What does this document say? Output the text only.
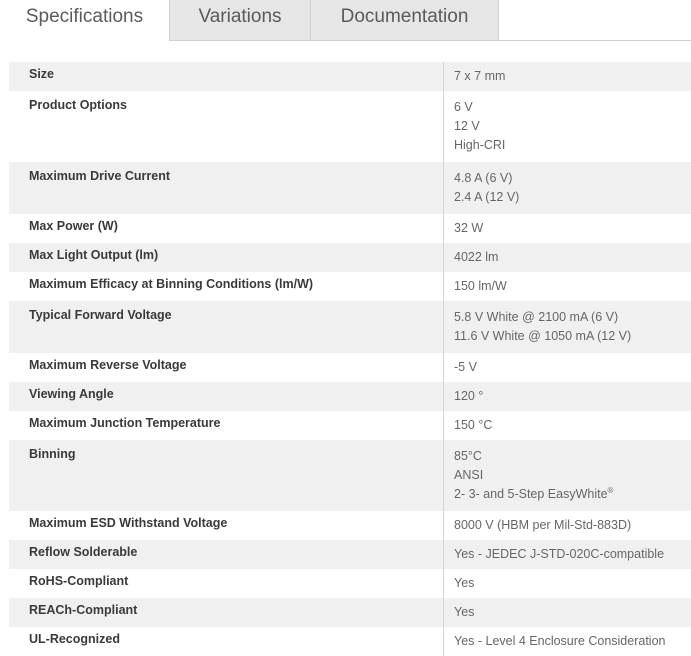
Specifications	Variations	Documentation
Size	7 x 7 mm
Product Options	6 V
12 V
High-CRI
Maximum Drive Current	4.8 A (6 V)
2.4 A (12 V)
Max Power (W)	32 W
Max Light Output (lm)	4022 lm
Maximum Efficacy at Binning Conditions (lm/W)	150 lm/W
Typical Forward Voltage	5.8 V White @ 2100 mA (6 V)
11.6 V White @ 1050 mA (12 V)
Maximum Reverse Voltage	-5 V
Viewing Angle	120 °
Maximum Junction Temperature	150 °C
Binning	85°C
ANSI
2- 3- and 5-Step EasyWhite®
Maximum ESD Withstand Voltage	8000 V (HBM per Mil-Std-883D)
Reflow Solderable	Yes - JEDEC J-STD-020C-compatible
RoHS-Compliant	Yes
REACh-Compliant	Yes
UL-Recognized	Yes - Level 4 Enclosure Consideration
